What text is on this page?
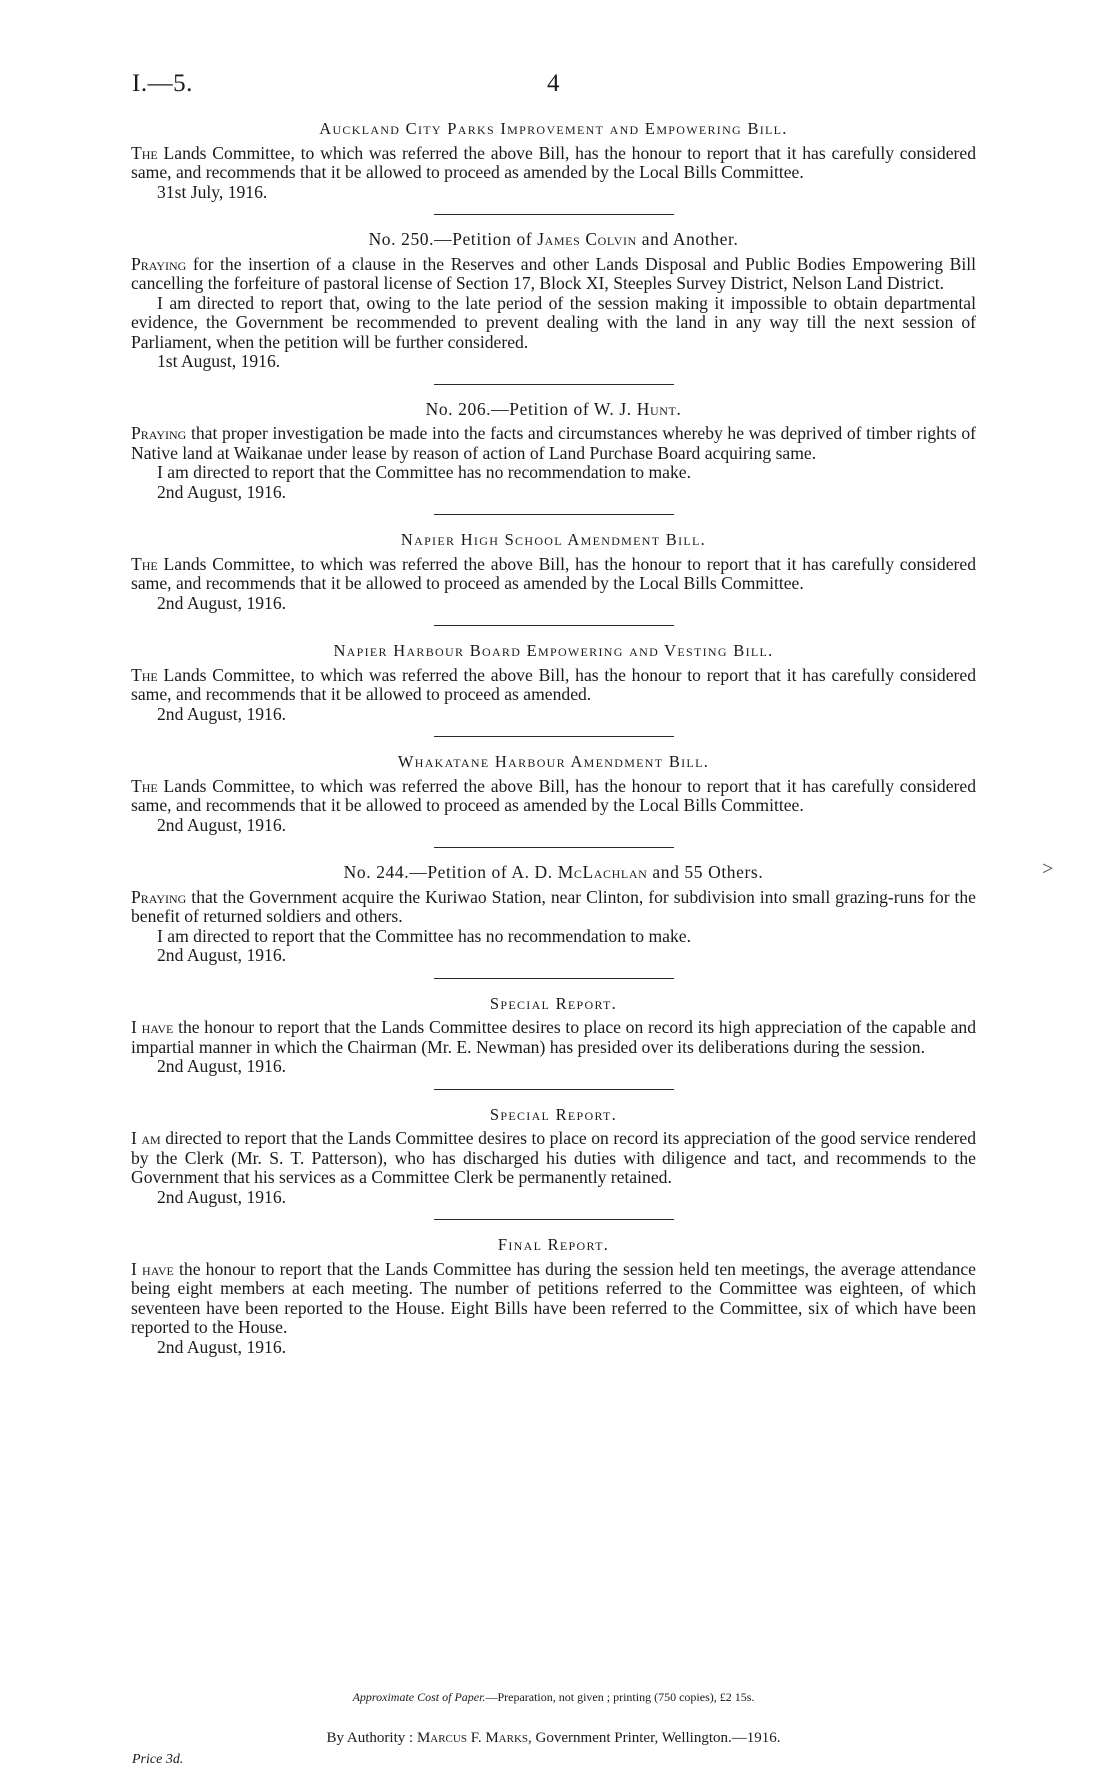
I.—5.	4
Auckland City Parks Improvement and Empowering Bill.

The Lands Committee, to which was referred the above Bill, has the honour to report that it has carefully considered same, and recommends that it be allowed to proceed as amended by the Local Bills Committee.

31st July, 1916.

No. 250.—Petition of James Colvin and Another.

Praying for the insertion of a clause in the Reserves and other Lands Disposal and Public Bodies Empowering Bill cancelling the forfeiture of pastoral license of Section 17, Block XI, Steeples Survey District, Nelson Land District.

I am directed to report that, owing to the late period of the session making it impossible to obtain departmental evidence, the Government be recommended to prevent dealing with the land in any way till the next session of Parliament, when the petition will be further considered.

1st August, 1916.

No. 206.—Petition of W. J. Hunt.

Praying that proper investigation be made into the facts and circumstances whereby he was deprived of timber rights of Native land at Waikanae under lease by reason of action of Land Purchase Board acquiring same.

I am directed to report that the Committee has no recommendation to make.

2nd August, 1916.

Napier High School Amendment Bill.

The Lands Committee, to which was referred the above Bill, has the honour to report that it has carefully considered same, and recommends that it be allowed to proceed as amended by the Local Bills Committee.

2nd August, 1916.

Napier Harbour Board Empowering and Vesting Bill.

The Lands Committee, to which was referred the above Bill, has the honour to report that it has carefully considered same, and recommends that it be allowed to proceed as amended.

2nd August, 1916.

Whakatane Harbour Amendment Bill.

The Lands Committee, to which was referred the above Bill, has the honour to report that it has carefully considered same, and recommends that it be allowed to proceed as amended by the Local Bills Committee.

2nd August, 1916.

No. 244.—Petition of A. D. McLachlan and 55 Others.

Praying that the Government acquire the Kuriwao Station, near Clinton, for subdivision into small grazing-runs for the benefit of returned soldiers and others.

I am directed to report that the Committee has no recommendation to make.

2nd August, 1916.

Special Report.

I have the honour to report that the Lands Committee desires to place on record its high appreciation of the capable and impartial manner in which the Chairman (Mr. E. Newman) has presided over its deliberations during the session.

2nd August, 1916.

Special Report.

I am directed to report that the Lands Committee desires to place on record its appreciation of the good service rendered by the Clerk (Mr. S. T. Patterson), who has discharged his duties with diligence and tact, and recommends to the Government that his services as a Committee Clerk be permanently retained.

2nd August, 1916.

Final Report.

I have the honour to report that the Lands Committee has during the session held ten meetings, the average attendance being eight members at each meeting. The number of petitions referred to the Committee was eighteen, of which seventeen have been reported to the House. Eight Bills have been referred to the Committee, six of which have been reported to the House.

2nd August, 1916.

Approximate Cost of Paper.—Preparation, not given ; printing (750 copies), £2 15s.
By Authority : Marcus F. Marks, Government Printer, Wellington.—1916.
Price 3d.
>
